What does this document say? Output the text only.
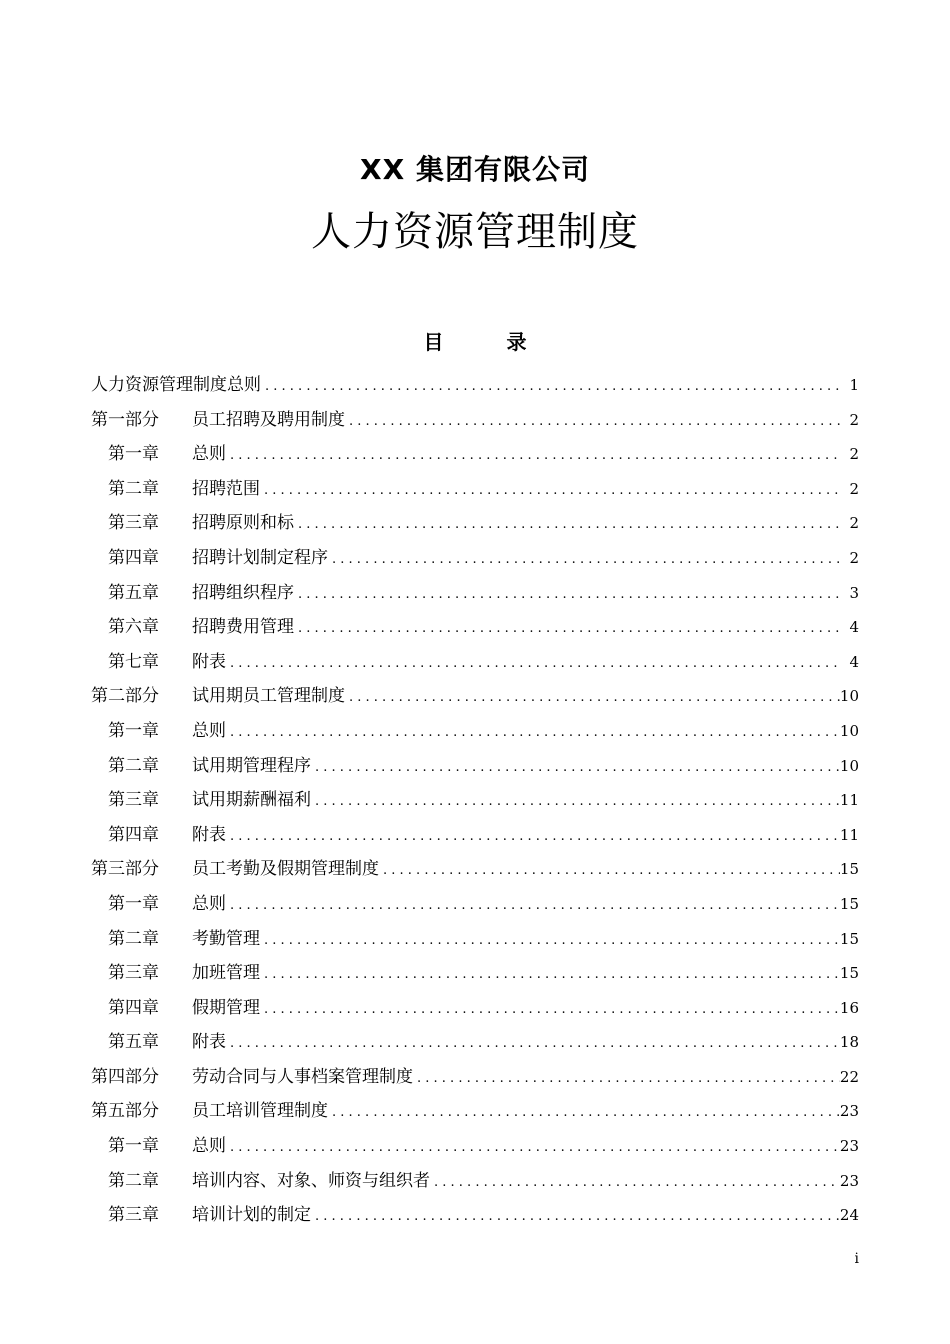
XX 集团有限公司
人力资源管理制度
目 录
人力资源管理制度总则 . . .	1
第一部分 员工招聘及聘用制度 . . .	2
第一章 总则 . . .	2
第二章 招聘范围 . . .	2
第三章 招聘原则和标 . . .	2
第四章 招聘计划制定程序 . . .	2
第五章 招聘组织程序 . . .	3
第六章 招聘费用管理 . . .	4
第七章 附表 . . .	4
第二部分 试用期员工管理制度 . . .	10
第一章 总则 . . .	10
第二章 试用期管理程序 . . .	10
第三章 试用期薪酬福利 . . .	11
第四章 附表 . . .	11
第三部分 员工考勤及假期管理制度 . . .	15
第一章 总则 . . .	15
第二章 考勤管理 . . .	15
第三章 加班管理 . . .	15
第四章 假期管理 . . .	16
第五章 附表 . . .	18
第四部分 劳动合同与人事档案管理制度 . . .	22
第五部分 员工培训管理制度 . . .	23
第一章 总则 . . .	23
第二章 培训内容、对象、师资与组织者 . . .	23
第三章 培训计划的制定 . . .	24
i
